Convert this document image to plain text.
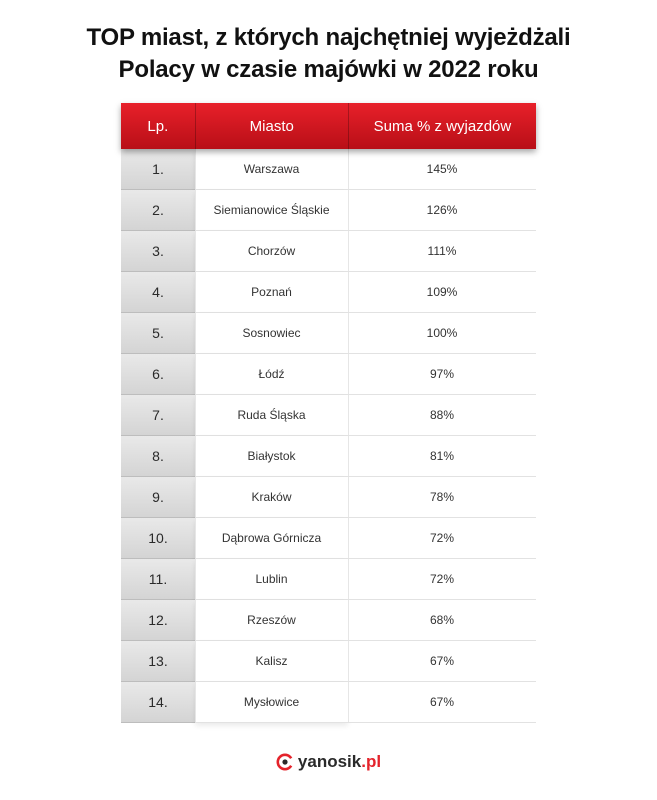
TOP miast, z których najchętniej wyjeżdżali
Polacy w czasie majówki w 2022 roku
Lp.	Miasto	Suma % z wyjazdów
1.	Warszawa	145%
2.	Siemianowice Śląskie	126%
3.	Chorzów	111%
4.	Poznań	109%
5.	Sosnowiec	100%
6.	Łódź	97%
7.	Ruda Śląska	88%
8.	Białystok	81%
9.	Kraków	78%
10.	Dąbrowa Górnicza	72%
11.	Lublin	72%
12.	Rzeszów	68%
13.	Kalisz	67%
14.	Mysłowice	67%
yanosik.pl
